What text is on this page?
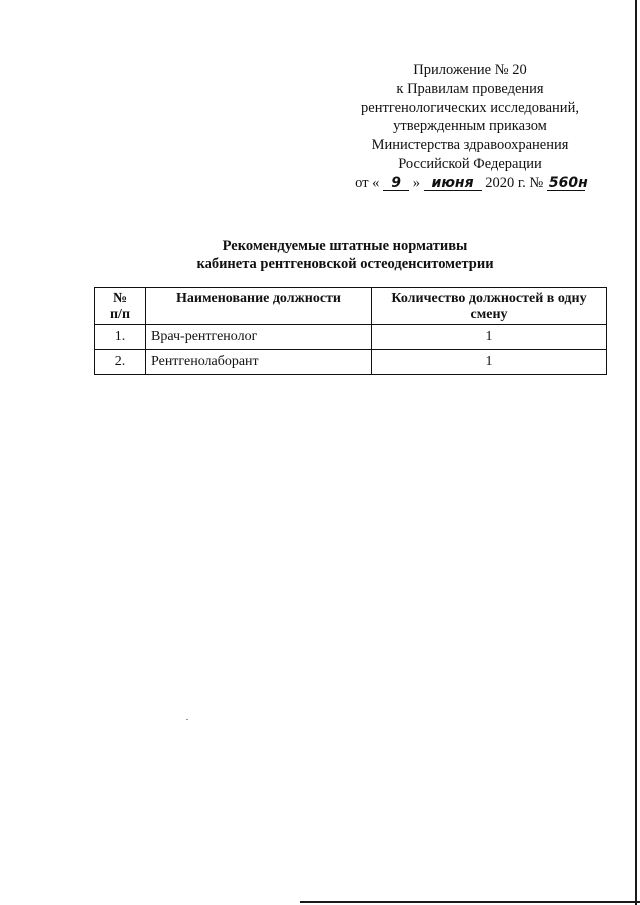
Приложение № 20
к Правилам проведения
рентгенологических исследований,
утвержденным приказом
Министерства здравоохранения
Российской Федерации
от « 9 » июня 2020 г. № 560н
Рекомендуемые штатные нормативы
кабинета рентгеновской остеоденситометрии
№
п/п	Наименование должности	Количество должностей в одну смену
1.	Врач-рентгенолог	1
2.	Рентгенолаборант	1
